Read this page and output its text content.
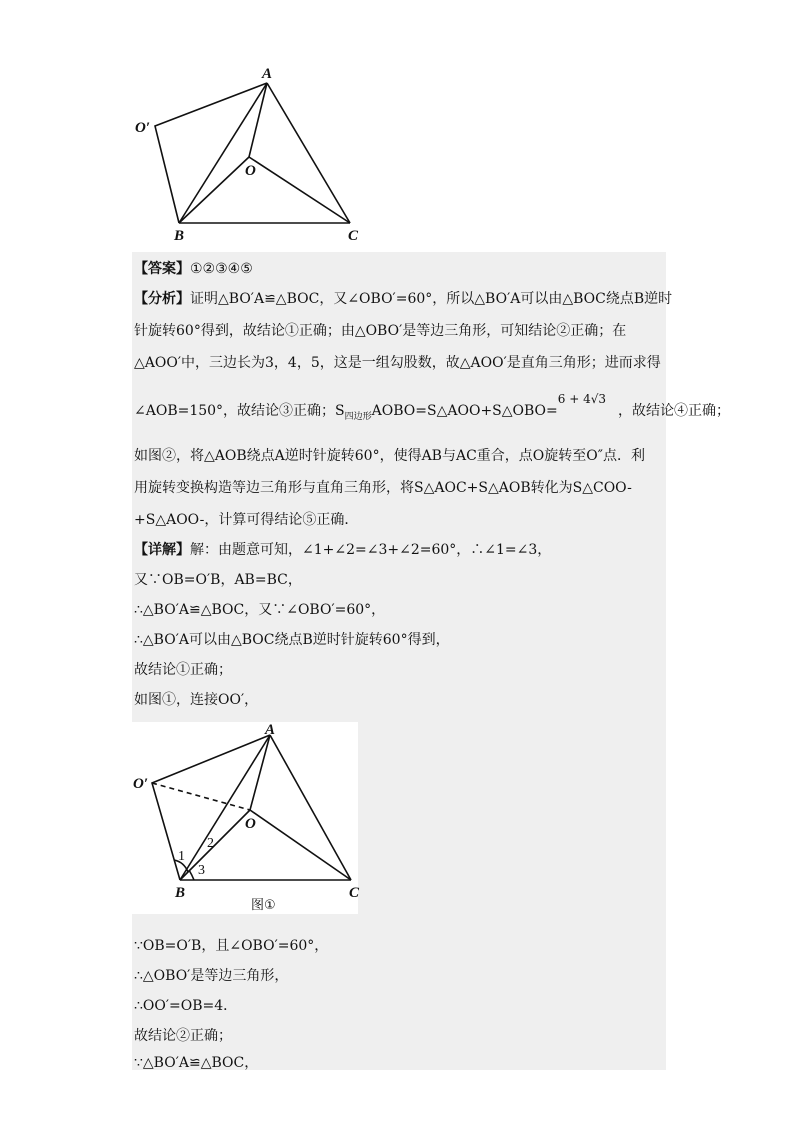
A
O′
O
B	C
【答案】①②③④⑤
【分析】证明△BO′A≌△BOC，又∠OBO′=60°，所以△BO′A可以由△BOC绕点B逆时
针旋转60°得到，故结论①正确；由△OBO′是等边三角形，可知结论②正确；在
△AOO′中，三边长为3，4，5，这是一组勾股数，故△AOO′是直角三角形；进而求得
∠AOB=150°，故结论③正确；$S_{四边形}AOBO=S\triangle AOO+S\triangle OBO=6 + 4√3$，故结论④正确；
如图②，将△AOB绕点A逆时针旋转60°，使得AB与AC重合，点O旋转至O″点．利
用旋转变换构造等边三角形与直角三角形，将S△AOC+S△AOB转化为S△COO-
+S△AOO-，计算可得结论⑤正确．
【详解】解：由题意可知，∠1+∠2=∠3+∠2=60°，∴∠1=∠3，
又∵OB=O′B，AB=BC，
∴△BO′A≌△BOC，又∵∠OBO′=60°，
∴△BO′A可以由△BOC绕点B逆时针旋转60°得到，
故结论①正确；
如图①，连接OO′，
A
O′
O
B	C
1
2
3
图①
∵OB=O′B，且∠OBO′=60°，
∴△OBO′是等边三角形，
∴OO′=OB=4．
故结论②正确；
∵△BO′A≌△BOC，
